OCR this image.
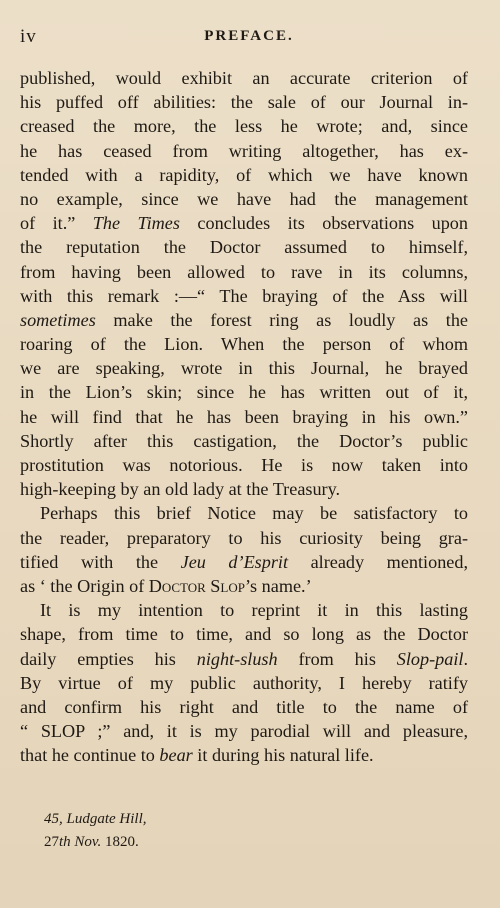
iv	PREFACE.
published, would exhibit an accurate criterion of
his puffed off abilities: the sale of our Journal in-
creased the more, the less he wrote; and, since
he has ceased from writing altogether, has ex-
tended with a rapidity, of which we have known
no example, since we have had the management
of it.” The Times concludes its observations upon
the reputation the Doctor assumed to himself,
from having been allowed to rave in its columns,
with this remark :—“ The braying of the Ass will
sometimes make the forest ring as loudly as the
roaring of the Lion. When the person of whom
we are speaking, wrote in this Journal, he brayed
in the Lion’s skin; since he has written out of it,
he will find that he has been braying in his own.”
Shortly after this castigation, the Doctor’s public
prostitution was notorious. He is now taken into
high-keeping by an old lady at the Treasury.
Perhaps this brief Notice may be satisfactory to
the reader, preparatory to his curiosity being gra-
tified with the Jeu d’Esprit already mentioned,
as ‘ the Origin of Doctor Slop’s name.’
It is my intention to reprint it in this lasting
shape, from time to time, and so long as the Doctor
daily empties his night-slush from his Slop-pail.
By virtue of my public authority, I hereby ratify
and confirm his right and title to the name of
“ SLOP ;” and, it is my parodial will and pleasure,
that he continue to bear it during his natural life.
45, Ludgate Hill,
27th Nov. 1820.
